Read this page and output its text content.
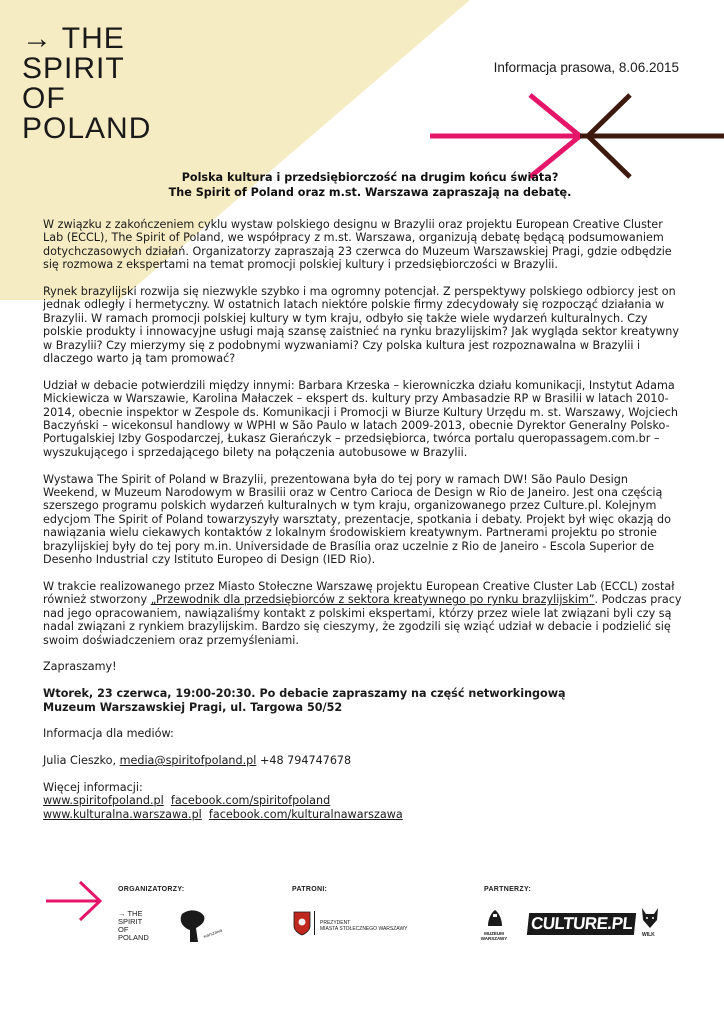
→ THE
SPIRIT
OF
POLAND
Informacja prasowa, 8.06.2015
Polska kultura i przedsiębiorczość na drugim końcu świata?
The Spirit of Poland oraz m.st. Warszawa zapraszają na debatę.

W związku z zakończeniem cyklu wystaw polskiego designu w Brazylii oraz projektu European Creative Cluster Lab (ECCL), The Spirit of Poland, we współpracy z m.st. Warszawa, organizują debatę będącą podsumowaniem dotychczasowych działań. Organizatorzy zapraszają 23 czerwca do Muzeum Warszawskiej Pragi, gdzie odbędzie się rozmowa z ekspertami na temat promocji polskiej kultury i przedsiębiorczości w Brazylii.

Rynek brazylijski rozwija się niezwykle szybko i ma ogromny potencjał. Z perspektywy polskiego odbiorcy jest on jednak odległy i hermetyczny. W ostatnich latach niektóre polskie firmy zdecydowały się rozpocząć działania w Brazylii. W ramach promocji polskiej kultury w tym kraju, odbyło się także wiele wydarzeń kulturalnych. Czy polskie produkty i innowacyjne usługi mają szansę zaistnieć na rynku brazylijskim? Jak wygląda sektor kreatywny w Brazylii? Czy mierzymy się z podobnymi wyzwaniami? Czy polska kultura jest rozpoznawalna w Brazylii i dlaczego warto ją tam promować?

Udział w debacie potwierdzili między innymi: Barbara Krzeska – kierowniczka działu komunikacji, Instytut Adama Mickiewicza w Warszawie, Karolina Małaczek – ekspert ds. kultury przy Ambasadzie RP w Brasilii w latach 2010-2014, obecnie inspektor w Zespole ds. Komunikacji i Promocji w Biurze Kultury Urzędu m. st. Warszawy, Wojciech Baczyński – wicekonsul handlowy w WPHI w São Paulo w latach 2009-2013, obecnie Dyrektor Generalny Polsko-Portugalskiej Izby Gospodarczej, Łukasz Gierańczyk – przedsiębiorca, twórca portalu queropassagem.com.br – wyszukującego i sprzedającego bilety na połączenia autobusowe w Brazylii.

Wystawa The Spirit of Poland w Brazylii, prezentowana była do tej pory w ramach DW! São Paulo Design Weekend, w Muzeum Narodowym w Brasilii oraz w Centro Carioca de Design w Rio de Janeiro. Jest ona częścią szerszego programu polskich wydarzeń kulturalnych w tym kraju, organizowanego przez Culture.pl. Kolejnym edycjom The Spirit of Poland towarzyszyły warsztaty, prezentacje, spotkania i debaty. Projekt był więc okazją do nawiązania wielu ciekawych kontaktów z lokalnym środowiskiem kreatywnym. Partnerami projektu po stronie brazylijskiej były do tej pory m.in. Universidade de Brasília oraz uczelnie z Rio de Janeiro - Escola Superior de Desenho Industrial czy Istituto Europeo di Design (IED Rio).

W trakcie realizowanego przez Miasto Stołeczne Warszawę projektu European Creative Cluster Lab (ECCL) został również stworzony „Przewodnik dla przedsiębiorców z sektora kreatywnego po rynku brazylijskim”. Podczas pracy nad jego opracowaniem, nawiązaliśmy kontakt z polskimi ekspertami, którzy przez wiele lat związani byli czy są nadal związani z rynkiem brazylijskim. Bardzo się cieszymy, że zgodzili się wziąć udział w debacie i podzielić się swoim doświadczeniem oraz przemyśleniami.

Zapraszamy!

Wtorek, 23 czerwca, 19:00-20:30. Po debacie zapraszamy na część networkingową
Muzeum Warszawskiej Pragi, ul. Targowa 50/52

Informacja dla mediów:

Julia Cieszko, media@spiritofpoland.pl +48 794747678

Więcej informacji:
www.spiritofpoland.pl facebook.com/spiritofpoland
www.kulturalna.warszawa.pl facebook.com/kulturalnawarszawa

ORGANIZATORZY:	PATRONI:	PARTNERZY:
→ THE
SPIRIT
OF
POLAND	warszawa
PREZYDENT
MIASTA STOŁECZNEGO WARSZAWY
MUZEUM
WARSZAWY
CULTURE.PL
WILK
